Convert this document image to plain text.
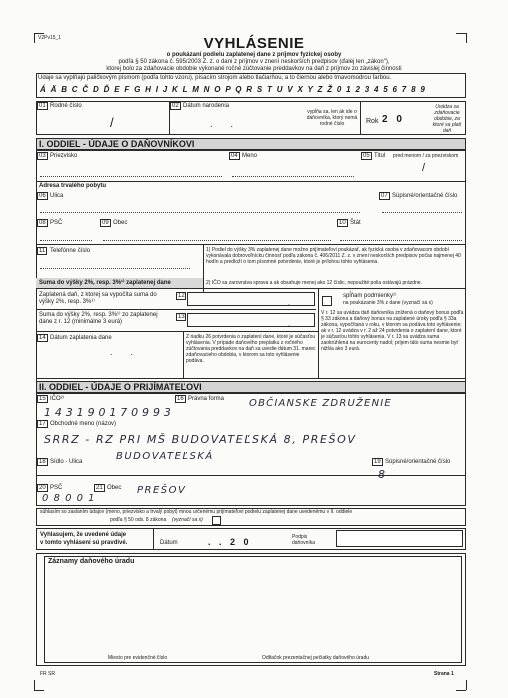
V2Pv15_1	VYHLÁSENIE
o poukázaní podielu zaplatenej dane z príjmov fyzickej osoby
podľa § 50 zákona č. 595/2003 Z. z. o dani z príjmov v znení neskorších predpisov (ďalej len „zákon"),
ktorej bolo za zdaňovacie obdobie vykonané ročné zúčtovanie preddavkov na daň z príjmov zo závislej činnosti
Údaje sa vypĺňajú paličkovým písmom (podľa tohto vzoru), písacím strojom alebo tlačiarňou, a to čiernou alebo tmavomodrou farbou.
Á Ä B C Č D Ď E F G H I J K L M N O P Q R S T U V X Y Z Ž 0 1 2 3 4 5 6 7 8 9
01 Rodné číslo
/
02 Dátum narodenia
..
vypĺňa sa, len ak ide o daňovníka, ktorý nemá rodné číslo	Rok 2 0
Uvádza sa zdaňovacie obdobie, za ktoré sa platí daň
I. ODDIEL - ÚDAJE O DAŇOVNÍKOVI
03 Priezvisko	04 Meno	05 Titul pred menom / za priezviskom
/
Adresa trvalého pobytu
06 Ulica	07 Súpisné/orientačné číslo
08 PSČ	09 Obec	10 Štát
11 Telefónne číslo	1) Podiel do výšky 3% zaplatenej dane možno prijímateľovi poukázať, ak fyzická osoba v zdaňovacom období vykonávala dobrovoľnícku činnosť podľa zákona č. 406/2011 Z. z. v znení neskorších predpisov počas najmenej 40 hodín a predloží o tom písomné potvrdenie, ktoré je prílohou tohto vyhlásenia.
2) IČO sa zarovnáva sprava a ak obsahuje menej ako 12 číslic, nepoužité polia ostávajú prázdne.
Suma do výšky 2%, resp. 3%¹⁾ zaplatenej dane
Zaplatená daň, z ktorej sa vypočíta suma do výšky 2%, resp. 3%¹⁾
12
,
spĺňam podmienky¹⁾
na poukázanie 3% z dane (vyznačí sa x)
Suma do výšky 2%, resp. 3%¹⁾ zo zaplatenej dane z r. 12 (minimálne 3 eurá)
13
,
V r. 12 sa uvádza daň daňovníka znížená o daňový bonus podľa § 33 zákona a daňový bonus na zaplatené úroky podľa § 33a zákona, vypočítaná v roku, v ktorom sa podáva toto vyhlásenie; ak v r. 12 uvádza v r. 2 až 24 potvrdenia o zaplatení dane, ktoré je súčasťou tohto vyhlásenia. V r. 13 sa uvádza suma zaokrúhlená na eurocenty nadol; príjem táto suma nesmie byť nižšia ako 3 eurá.
14 Dátum zaplatenia dane
..
Z riadku 26 potvrdenia o zaplatení dane, ktoré je súčasťou vyhlásenia. V prípade daňového preplatku z ročného zúčtovania preddavkov na daň sa uvedie dátum 31. marec zdaňovacieho obdobia, v ktorom sa toto vyhlásenie podáva.
II. ODDIEL - ÚDAJE O PRIJÍMATEĽOVI
15 IČO²⁾
1 4 3 1 9 0 1 7 0 9 9 3
16 Právna forma OBČIANSKE ZDRUŽENIE
17 Obchodné meno (názov)
SRRZ - RZ PRI MŠ BUDOVATEĽSKÁ 8, PREŠOV
18 Sídlo - Ulica	BUDOVATEĽSKÁ	19 Súpisné/orientačné číslo
8
20 PSČ
0 8 0 0 1
21 Obec PREŠOV
súhlasím so zaslaním údajov (meno, priezvisko a trvalý pobyt) mnou určenému prijímateľovi podielu zaplatenej dane uvedenému v II. oddiele
podľa § 50 ods. 8 zákona (vyznačí sa x)
Vyhlasujem, že uvedené údaje
v tomto vyhlásení sú pravdivé.	Dátum	. . 2 0	Podpis daňovníka
Záznamy daňového úradu
Miesto pre evidenčné číslo	Odtlačok prezentačnej pečiatky daňového úradu
FR SR	Strana 1
